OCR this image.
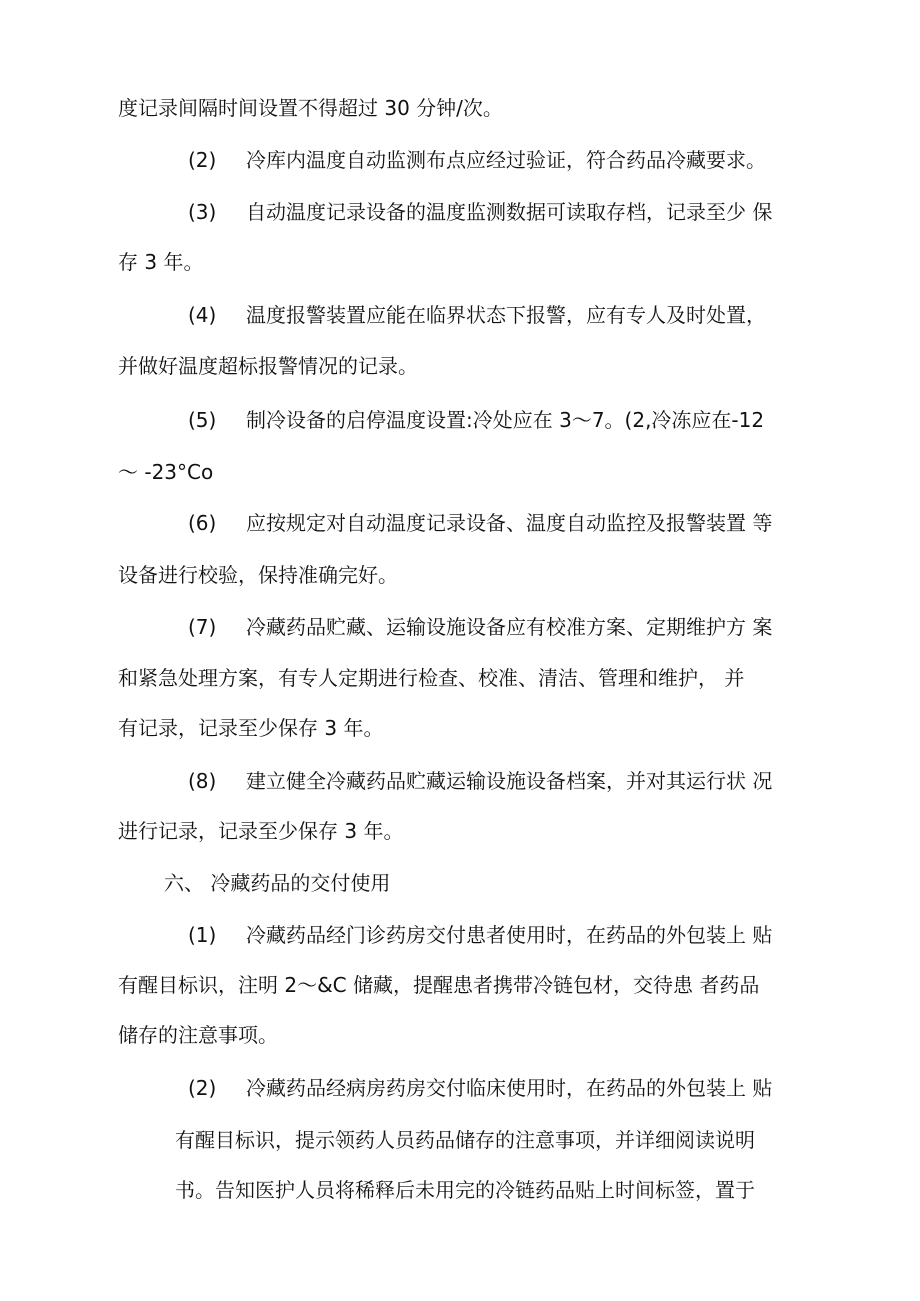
度记录间隔时间设置不得超过 30 分钟/次。
(2) 冷库内温度自动监测布点应经过验证，符合药品冷藏要求。
(3) 自动温度记录设备的温度监测数据可读取存档，记录至少 保
存 3 年。
(4) 温度报警装置应能在临界状态下报警，应有专人及时处置，
并做好温度超标报警情况的记录。
(5) 制冷设备的启停温度设置:冷处应在 3～7。(2,冷冻应在-12
～ -23°Co
(6) 应按规定对自动温度记录设备、温度自动监控及报警装置 等
设备进行校验，保持准确完好。
(7) 冷藏药品贮藏、运输设施设备应有校准方案、定期维护方 案
和紧急处理方案，有专人定期进行检查、校准、清洁、管理和维护， 并
有记录，记录至少保存 3 年。
(8) 建立健全冷藏药品贮藏运输设施设备档案，并对其运行状 况
进行记录，记录至少保存 3 年。
六、 冷藏药品的交付使用
(1) 冷藏药品经门诊药房交付患者使用时，在药品的外包装上 贴
有醒目标识，注明 2～&C 储藏，提醒患者携带冷链包材，交待患 者药品
储存的注意事项。
(2) 冷藏药品经病房药房交付临床使用时，在药品的外包装上 贴
有醒目标识，提示领药人员药品储存的注意事项，并详细阅读说明
书。告知医护人员将稀释后未用完的冷链药品贴上时间标签，置于
